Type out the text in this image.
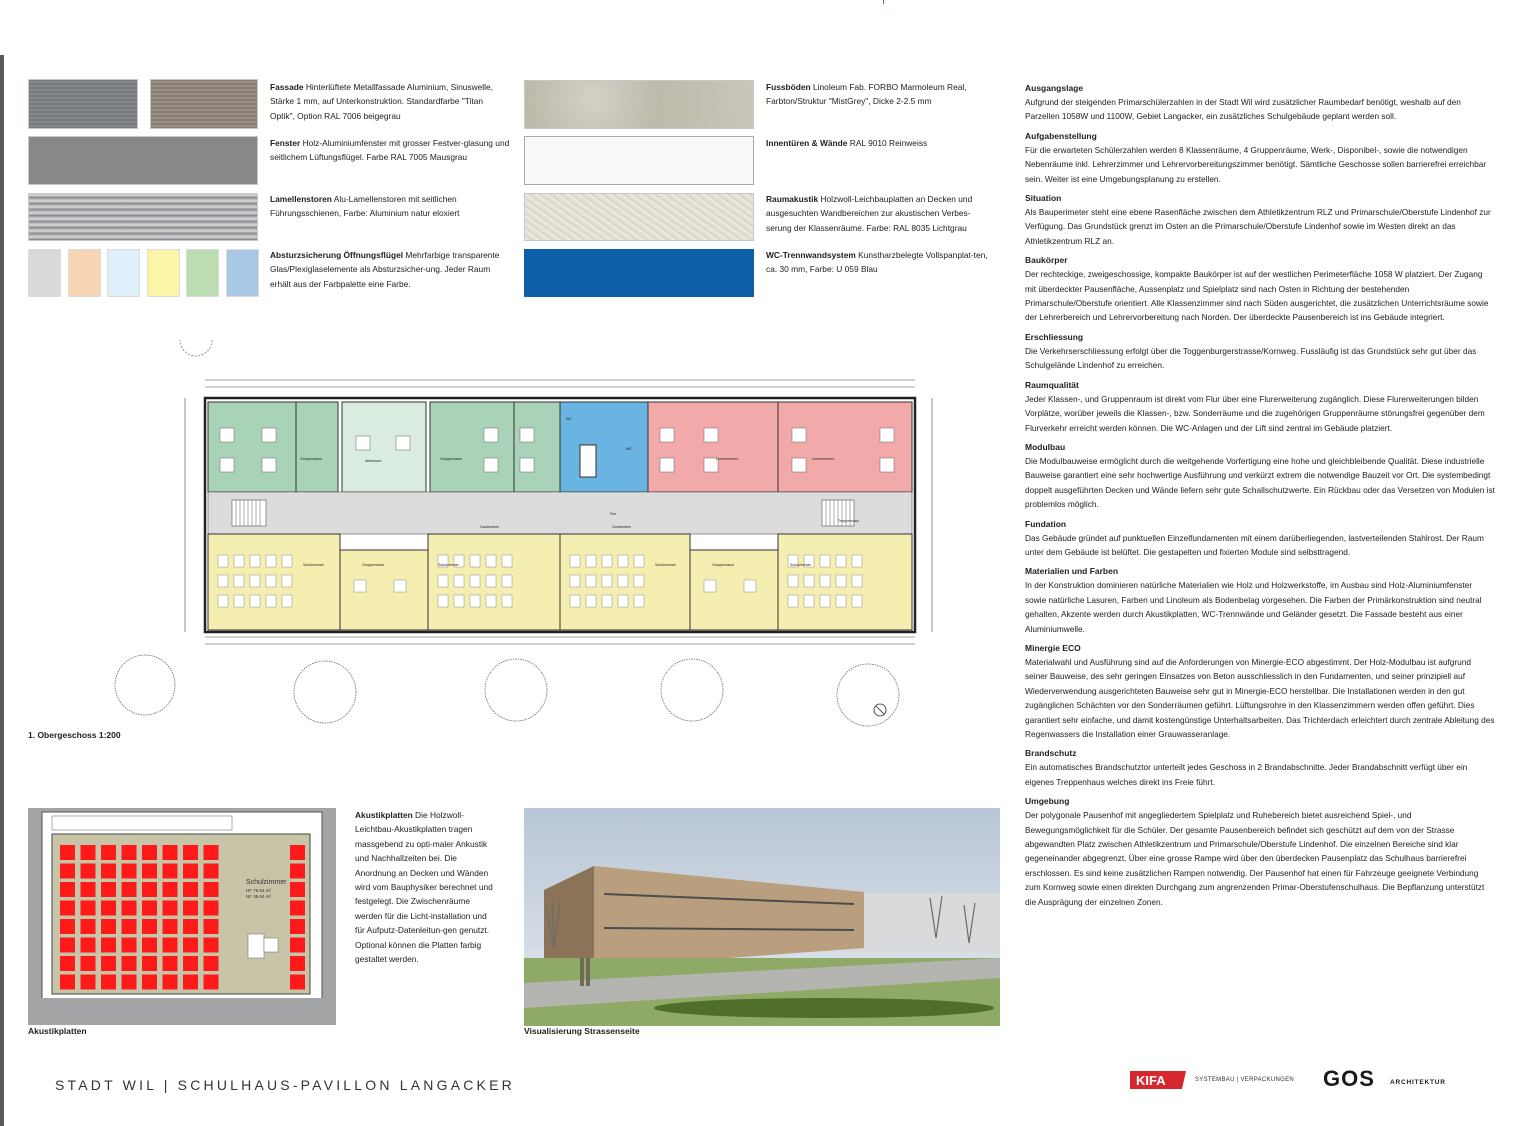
Fassade Hinterlüftete Metallfassade Aluminium, Sinuswelle, Stärke 1 mm, auf Unterkonstruktion. Standardfarbe "Titan Optik", Option RAL 7006 beigegrau
Fenster Holz-Aluminiumfenster mit grosser Festver-glasung und seitlichem Lüftungsflügel. Farbe RAL 7005 Mausgrau
Lamellenstoren Alu-Lamellenstoren mit seitlichen Führungsschienen, Farbe: Aluminium natur eloxiert
Absturzsicherung Öffnungsflügel Mehrfarbige transparente Glas/Plexiglaselemente als Absturzsicher-ung. Jeder Raum erhält aus der Farbpalette eine Farbe.
Fussböden Linoleum Fab. FORBO Marmoleum Real, Farbton/Struktur "MistGrey", Dicke 2-2.5 mm
Innentüren & Wände RAL 9010 Reinweiss
Raumakustik Holzwoll-Leichbauplatten an Decken und ausgesuchten Wandbereichen zur akustischen Verbes-serung der Klassenräume. Farbe: RAL 8035 Lichtgrau
WC-Trennwandsystem Kunstharzbelegte Vollspanplat-ten, ca. 30 mm, Farbe: U 059 Blau
Ausgangslage

Aufgrund der steigenden Primarschülerzahlen in der Stadt Wil wird zusätzlicher Raumbedarf benötigt, weshalb auf den Parzellen 1058W und 1100W, Gebiet Langacker, ein zusätzliches Schulgebäude geplant werden soll.

Aufgabenstellung

Für die erwarteten Schülerzahlen werden 8 Klassenräume, 4 Gruppenräume, Werk-, Disponibel-, sowie die notwendigen Nebenräume inkl. Lehrerzimmer und Lehrervorbereitungszimmer benötigt. Sämtliche Geschosse sollen barrierefrei erreichbar sein. Weiter ist eine Umgebungsplanung zu erstellen.

Situation

Als Bauperimeter steht eine ebene Rasenfläche zwischen dem Athletikzentrum RLZ und Primarschule/Oberstufe Lindenhof zur Verfügung. Das Grundstück grenzt im Osten an die Primarschule/Oberstufe Lindenhof sowie im Westen direkt an das Athletikzentrum RLZ an.

Baukörper

Der rechteckige, zweigeschossige, kompakte Baukörper ist auf der westlichen Perimeterfläche 1058 W platziert. Der Zugang mit überdeckter Pausenfläche, Aussenplatz und Spielplatz sind nach Osten in Richtung der bestehenden Primarschule/Oberstufe orientiert. Alle Klassenzimmer sind nach Süden ausgerichtet, die zusätzlichen Unterrichtsräume sowie der Lehrerbereich und Lehrervorbereitung nach Norden. Der überdeckte Pausenbereich ist ins Gebäude integriert.

Erschliessung

Die Verkehrserschliessung erfolgt über die Toggenburgerstrasse/Kornweg. Fussläufig ist das Grundstück sehr gut über das Schulgelände Lindenhof zu erreichen.

Raumqualität

Jeder Klassen-, und Gruppenraum ist direkt vom Flur über eine Flurerweiterung zugänglich. Diese Flurerweiterungen bilden Vorplätze, worüber jeweils die Klassen-, bzw. Sonderräume und die zugehörigen Gruppenräume störungsfrei gegenüber dem Flurverkehr erreicht werden können. Die WC-Anlagen und der Lift sind zentral im Gebäude platziert.

Modulbau

Die Modulbauweise ermöglicht durch die weitgehende Vorfertigung eine hohe und gleichbleibende Qualität. Diese industrielle Bauweise garantiert eine sehr hochwertige Ausführung und verkürzt extrem die notwendige Bauzeit vor Ort. Die systembedingt doppelt ausgeführten Decken und Wände liefern sehr gute Schallschutzwerte. Ein Rückbau oder das Versetzen von Modulen ist problemlos möglich.

Fundation

Das Gebäude gründet auf punktuellen Einzelfundamenten mit einem darüberliegenden, lastverteilenden Stahlrost. Der Raum unter dem Gebäude ist belüftet. Die gestapelten und fixierten Module sind selbsttragend.

Materialien und Farben

In der Konstruktion dominieren natürliche Materialien wie Holz und Holzwerkstoffe, im Ausbau sind Holz-Aluminiumfenster sowie natürliche Lasuren, Farben und Linoleum als Bodenbelag vorgesehen. Die Farben der Primärkonstruktion sind neutral gehalten, Akzente werden durch Akustikplatten, WC-Trennwände und Geländer gesetzt. Die Fassade besteht aus einer Aluminiumwelle.

Minergie ECO

Materialwahl und Ausführung sind auf die Anforderungen von Minergie-ECO abgestimmt. Der Holz-Modulbau ist aufgrund seiner Bauweise, des sehr geringen Einsatzes von Beton ausschliesslich in den Fundamenten, und seiner prinzipiell auf Wiederverwendung ausgerichteten Bauweise sehr gut in Minergie-ECO herstellbar. Die Installationen werden in den gut zugänglichen Schächten vor den Sonderräumen geführt. Lüftungsrohre in den Klassenzimmern werden offen geführt. Dies garantiert sehr einfache, und damit kostengünstige Unterhaltsarbeiten. Das Trichterdach erleichtert durch zentrale Ableitung des Regenwassers die Installation einer Grauwasseranlage.

Brandschutz

Ein automatisches Brandschutztor unterteilt jedes Geschoss in 2 Brandabschnitte. Jeder Brandabschnitt verfügt über ein eigenes Treppenhaus welches direkt ins Freie führt.

Umgebung

Der polygonale Pausenhof mit angegliedertem Spielplatz und Ruhebereich bietet ausreichend Spiel-, und Bewegungsmöglichkeit für die Schüler. Der gesamte Pausenbereich befindet sich geschützt auf dem von der Strasse abgewandten Platz zwischen Athletikzentrum und Primarschule/Oberstufe Lindenhof. Die einzelnen Bereiche sind klar gegeneinander abgegrenzt. Über eine grosse Rampe wird über den überdecken Pausenplatz das Schulhaus barrierefrei erschlossen. Es sind keine zusätzlichen Rampen notwendig. Der Pausenhof hat einen für Fahrzeuge geeignete Verbindung zum Kornweg sowie einen direkten Durchgang zum angrenzenden Primar-Oberstufenschulhaus. Die Bepflanzung unterstützt die Ausprägung der einzelnen Zonen.

Gruppenraum	Werkraum	Gruppenraum
WC
WC
Lehrerzimmer	Lehrerzimmer
Flur
Garderoben	Garderoben
Treppenhaus
Schulzimmer	Gruppenraum	Schulzimmer	Schulzimmer	Gruppenraum	Schulzimmer
1. Obergeschoss 1:200
Schulzimmer
HF 75.64 m²
NF 35.84 m²
Akustikplatten
Akustikplatten Die Holzwoll-Leichtbau-Akustikplatten tragen massgebend zu opti-maler Ankustik und Nachhallzeiten bei. Die Anordnung an Decken und Wänden wird vom Bauphysiker berechnet und festgelegt. Die Zwischenräume werden für die Licht-installation und für Aufputz-Datenleitun-gen genutzt. Optional können die Platten farbig gestaltet werden.
Visualisierung Strassenseite
STADT WIL | SCHULHAUS-PAVILLON LANGACKER	KIFA	SYSTEMBAU | VERPACKUNGEN GOS ARCHITEKTUR
